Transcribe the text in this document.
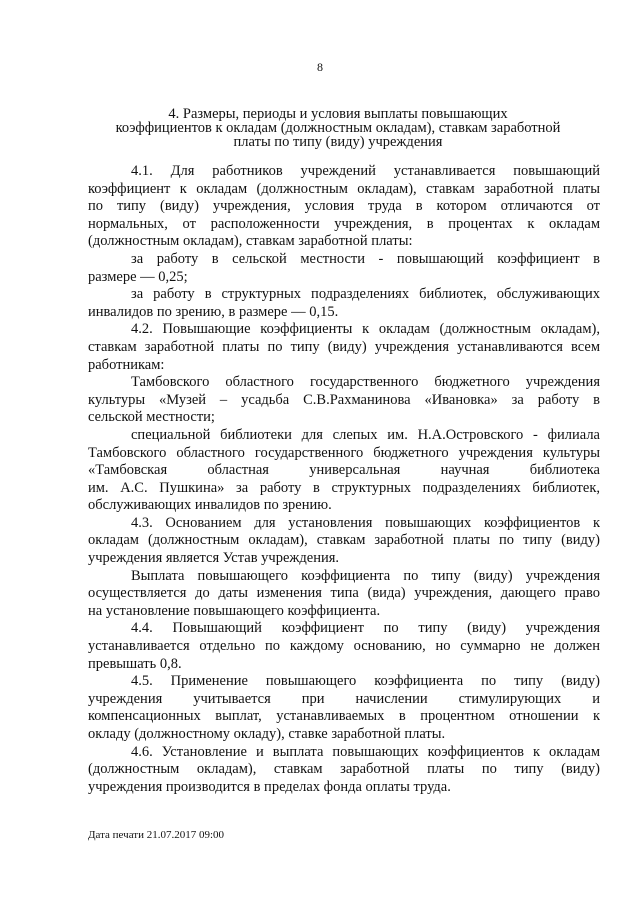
8
4. Размеры, периоды и условия выплаты повышающих
коэффициентов к окладам (должностным окладам), ставкам заработной
платы по типу (виду) учреждения
4.1. Для работников учреждений устанавливается повышающий
коэффициент к окладам (должностным окладам), ставкам заработной платы
по типу (виду) учреждения, условия труда в котором отличаются от
нормальных, от расположенности учреждения, в процентах к окладам
(должностным окладам), ставкам заработной платы:
за работу в сельской местности - повышающий коэффициент в
размере — 0,25;
за работу в структурных подразделениях библиотек, обслуживающих
инвалидов по зрению, в размере — 0,15.
4.2. Повышающие коэффициенты к окладам (должностным окладам),
ставкам заработной платы по типу (виду) учреждения устанавливаются всем
работникам:
Тамбовского областного государственного бюджетного учреждения
культуры «Музей – усадьба С.В.Рахманинова «Ивановка» за работу в
сельской местности;
специальной библиотеки для слепых им. Н.А.Островского - филиала
Тамбовского областного государственного бюджетного учреждения культуры
«Тамбовская областная универсальная научная библиотека
им. А.С. Пушкина» за работу в структурных подразделениях библиотек,
обслуживающих инвалидов по зрению.
4.3. Основанием для установления повышающих коэффициентов к
окладам (должностным окладам), ставкам заработной платы по типу (виду)
учреждения является Устав учреждения.
Выплата повышающего коэффициента по типу (виду) учреждения
осуществляется до даты изменения типа (вида) учреждения, дающего право
на установление повышающего коэффициента.
4.4. Повышающий коэффициент по типу (виду) учреждения
устанавливается отдельно по каждому основанию, но суммарно не должен
превышать 0,8.
4.5. Применение повышающего коэффициента по типу (виду)
учреждения учитывается при начислении стимулирующих и
компенсационных выплат, устанавливаемых в процентном отношении к
окладу (должностному окладу), ставке заработной платы.
4.6. Установление и выплата повышающих коэффициентов к окладам
(должностным окладам), ставкам заработной платы по типу (виду)
учреждения производится в пределах фонда оплаты труда.
Дата печати 21.07.2017 09:00
